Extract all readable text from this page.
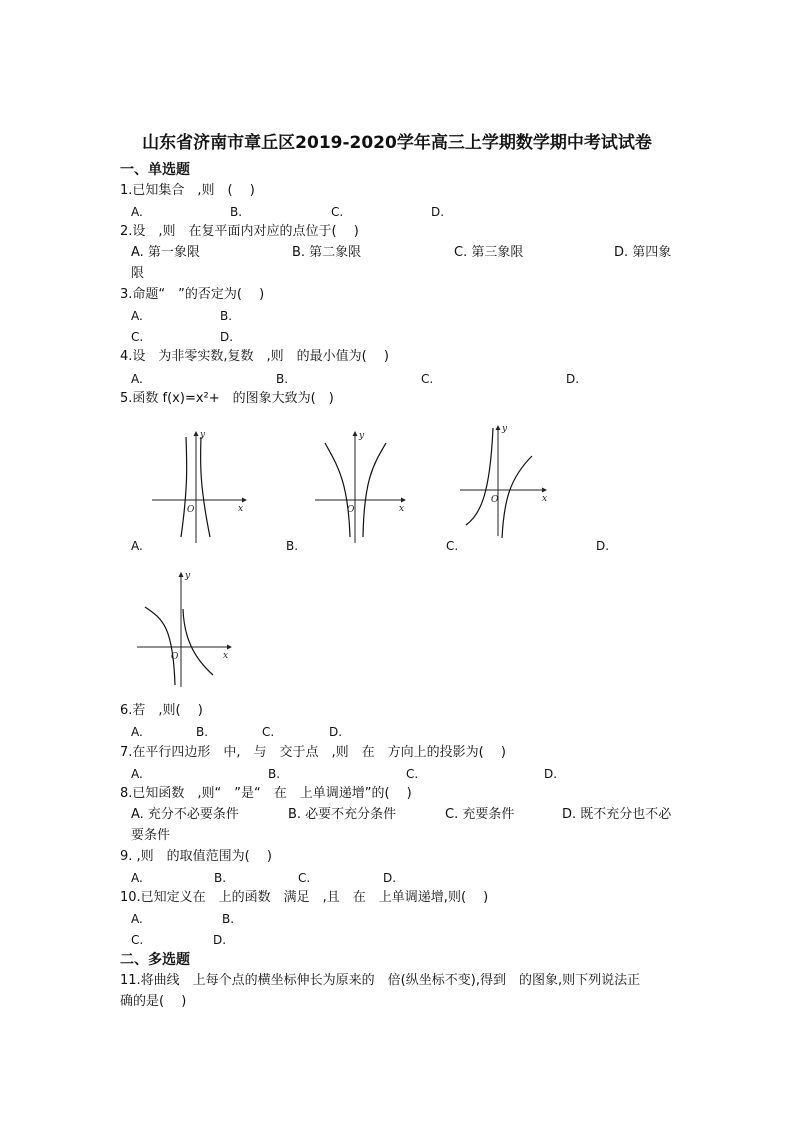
山东省济南市章丘区2019-2020学年高三上学期数学期中考试试卷
一、单选题
1.已知集合　,则　(　 )
A.	B.	C.	D.
2.设　,则　在复平面内对应的点位于(　 )
A. 第一象限	B. 第二象限	C. 第三象限	D. 第四象
限
3.命题“　”的否定为(　 )
A.	B.
C.	D.
4.设　为非零实数,复数　,则　的最小值为(　 )
A.	B.	C.	D.
5.函数 f(x)=x²+　的图象大致为(　)
y
x
O
y
x
O
y
x
O
A.	B.	C.	D.
y
x
O
6.若　,则(　 )
A.	B.	C.	D.
7.在平行四边形　中,　与　交于点　,则　在　方向上的投影为(　 )
A.	B.	C.	D.
8.已知函数　,则“　”是“　在　上单调递增”的(　 )
A. 充分不必要条件	B. 必要不充分条件	C. 充要条件	D. 既不充分也不必
要条件
9. ,则　的取值范围为(　 )
A.	B.	C.	D.
10.已知定义在　上的函数　满足　,且　在　上单调递增,则(　 )
A.	B.
C.	D.
二、多选题
11.将曲线　上每个点的横坐标伸长为原来的　倍(纵坐标不变),得到　的图象,则下列说法正
确的是(　 )
